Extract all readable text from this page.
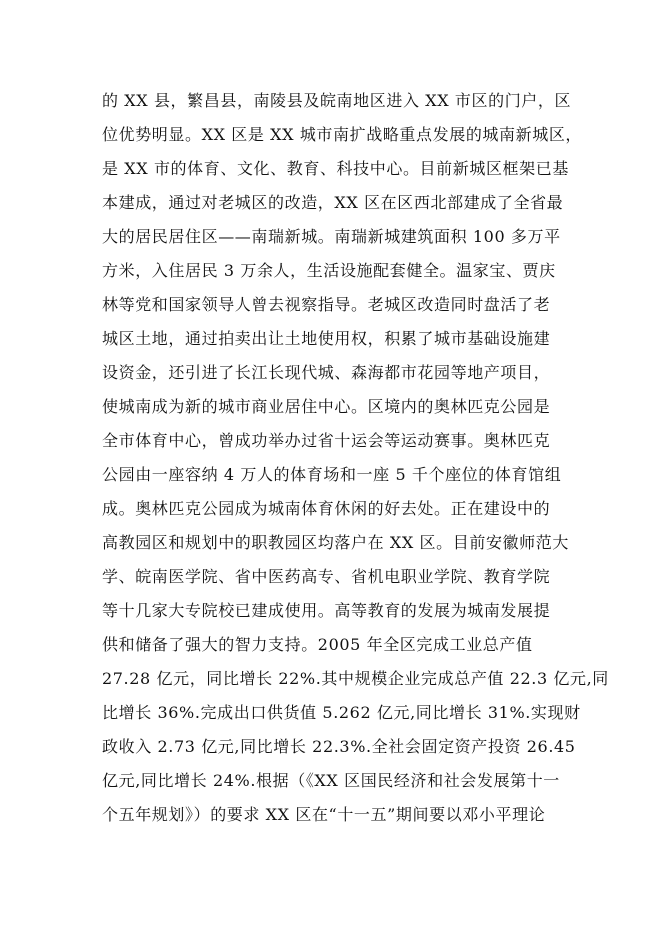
的 XX 县，繁昌县，南陵县及皖南地区进入 XX 市区的门户，区
位优势明显。XX 区是 XX 城市南扩战略重点发展的城南新城区，
是 XX 市的体育、文化、教育、科技中心。目前新城区框架已基
本建成，通过对老城区的改造，XX 区在区西北部建成了全省最
大的居民居住区——南瑞新城。南瑞新城建筑面积 100 多万平
方米，入住居民 3 万余人，生活设施配套健全。温家宝、贾庆
林等党和国家领导人曾去视察指导。老城区改造同时盘活了老
城区土地，通过拍卖出让土地使用权，积累了城市基础设施建
设资金，还引进了长江长现代城、森海都市花园等地产项目，
使城南成为新的城市商业居住中心。区境内的奥林匹克公园是
全市体育中心，曾成功举办过省十运会等运动赛事。奥林匹克
公园由一座容纳 4 万人的体育场和一座 5 千个座位的体育馆组
成。奥林匹克公园成为城南体育休闲的好去处。正在建设中的
高教园区和规划中的职教园区均落户在 XX 区。目前安徽师范大
学、皖南医学院、省中医药高专、省机电职业学院、教育学院
等十几家大专院校已建成使用。高等教育的发展为城南发展提
供和储备了强大的智力支持。2005 年全区完成工业总产值
27.28 亿元，同比增长 22%.其中规模企业完成总产值 22.3 亿元,同
比增长 36%.完成出口供货值 5.262 亿元,同比增长 31%.实现财
政收入 2.73 亿元,同比增长 22.3%.全社会固定资产投资 26.45
亿元,同比增长 24%.根据（《XX 区国民经济和社会发展第十一
个五年规划》）的要求 XX 区在“十一五”期间要以邓小平理论
